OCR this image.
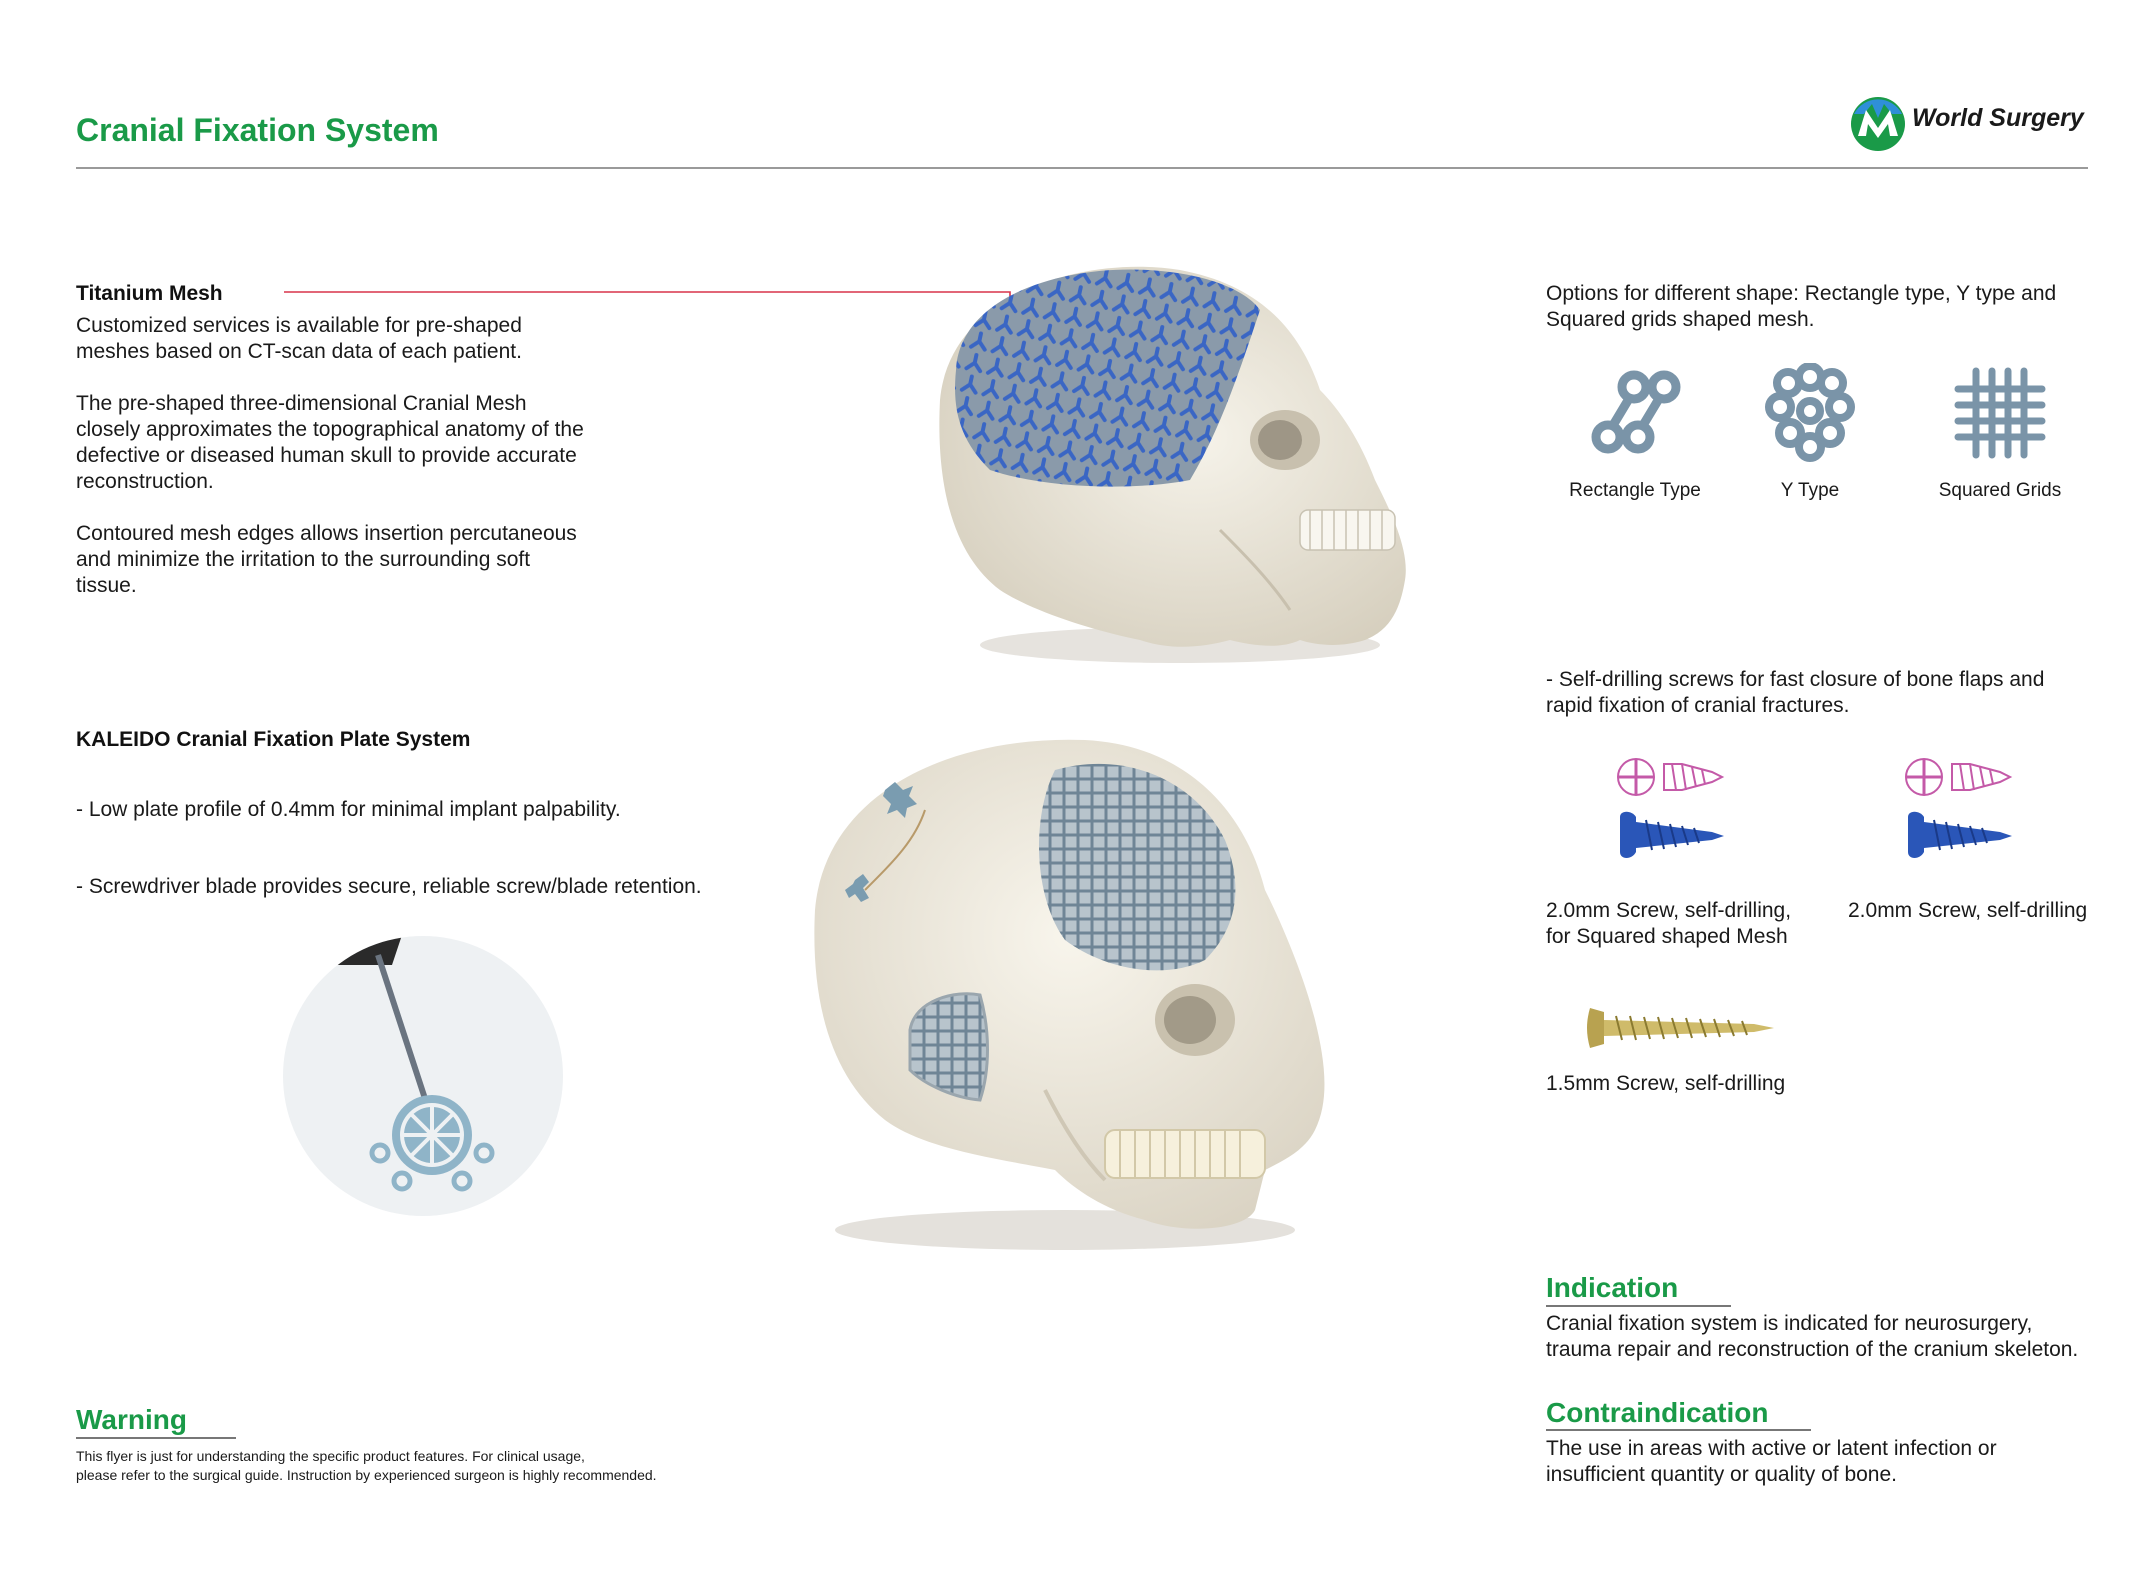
Cranial Fixation System	World Surgery
Titanium Mesh

Customized services is available for pre-shaped meshes based on CT-scan data of each patient.

The pre-shaped three-dimensional Cranial Mesh closely approximates the topographical anatomy of the defective or diseased human skull to provide accurate reconstruction.

Contoured mesh edges allows insertion percutaneous and minimize the irritation to the surrounding soft tissue.

Options for different shape: Rectangle type, Y type and Squared grids shaped mesh.
Rectangle Type	Y Type	Squared Grids
KALEIDO Cranial Fixation Plate System
- Low plate profile of 0.4mm for minimal implant palpability.
- Screwdriver blade provides secure, reliable screw/blade retention.
- Self-drilling screws for fast closure of bone flaps and rapid fixation of cranial fractures.

2.0mm Screw, self-drilling,

for Squared shaped Mesh

2.0mm Screw, self-drilling

1.5mm Screw, self-drilling

Indication
Cranial fixation system is indicated for neurosurgery, trauma repair and reconstruction of the cranium skeleton.
Contraindication
The use in areas with active or latent infection or insufficient quantity or quality of bone.
Warning

This flyer is just for understanding the specific product features. For clinical usage,

please refer to the surgical guide. Instruction by experienced surgeon is highly recommended.
